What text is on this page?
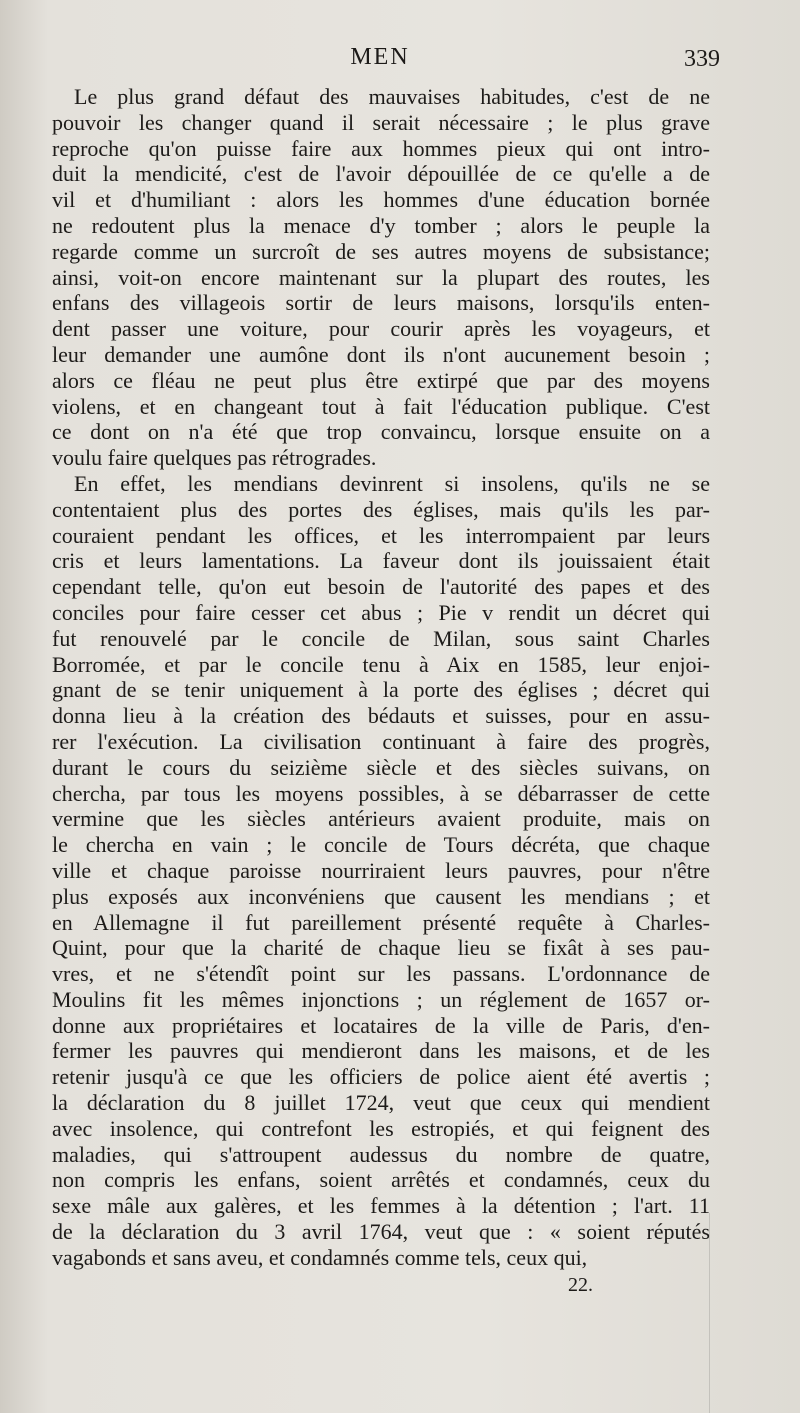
MEN	339
Le plus grand défaut des mauvaises habitudes, c'est de ne
pouvoir les changer quand il serait nécessaire ; le plus grave
reproche qu'on puisse faire aux hommes pieux qui ont intro-
duit la mendicité, c'est de l'avoir dépouillée de ce qu'elle a de
vil et d'humiliant : alors les hommes d'une éducation bornée
ne redoutent plus la menace d'y tomber ; alors le peuple la
regarde comme un surcroît de ses autres moyens de subsistance;
ainsi, voit-on encore maintenant sur la plupart des routes, les
enfans des villageois sortir de leurs maisons, lorsqu'ils enten-
dent passer une voiture, pour courir après les voyageurs, et
leur demander une aumône dont ils n'ont aucunement besoin ;
alors ce fléau ne peut plus être extirpé que par des moyens
violens, et en changeant tout à fait l'éducation publique. C'est
ce dont on n'a été que trop convaincu, lorsque ensuite on a
voulu faire quelques pas rétrogrades.
En effet, les mendians devinrent si insolens, qu'ils ne se
contentaient plus des portes des églises, mais qu'ils les par-
couraient pendant les offices, et les interrompaient par leurs
cris et leurs lamentations. La faveur dont ils jouissaient était
cependant telle, qu'on eut besoin de l'autorité des papes et des
conciles pour faire cesser cet abus ; Pie v rendit un décret qui
fut renouvelé par le concile de Milan, sous saint Charles
Borromée, et par le concile tenu à Aix en 1585, leur enjoi-
gnant de se tenir uniquement à la porte des églises ; décret qui
donna lieu à la création des bédauts et suisses, pour en assu-
rer l'exécution. La civilisation continuant à faire des progrès,
durant le cours du seizième siècle et des siècles suivans, on
chercha, par tous les moyens possibles, à se débarrasser de cette
vermine que les siècles antérieurs avaient produite, mais on
le chercha en vain ; le concile de Tours décréta, que chaque
ville et chaque paroisse nourriraient leurs pauvres, pour n'être
plus exposés aux inconvéniens que causent les mendians ; et
en Allemagne il fut pareillement présenté requête à Charles-
Quint, pour que la charité de chaque lieu se fixât à ses pau-
vres, et ne s'étendît point sur les passans. L'ordonnance de
Moulins fit les mêmes injonctions ; un réglement de 1657 or-
donne aux propriétaires et locataires de la ville de Paris, d'en-
fermer les pauvres qui mendieront dans les maisons, et de les
retenir jusqu'à ce que les officiers de police aient été avertis ;
la déclaration du 8 juillet 1724, veut que ceux qui mendient
avec insolence, qui contrefont les estropiés, et qui feignent des
maladies, qui s'attroupent audessus du nombre de quatre,
non compris les enfans, soient arrêtés et condamnés, ceux du
sexe mâle aux galères, et les femmes à la détention ; l'art. 11
de la déclaration du 3 avril 1764, veut que : « soient réputés
vagabonds et sans aveu, et condamnés comme tels, ceux qui,
22.
